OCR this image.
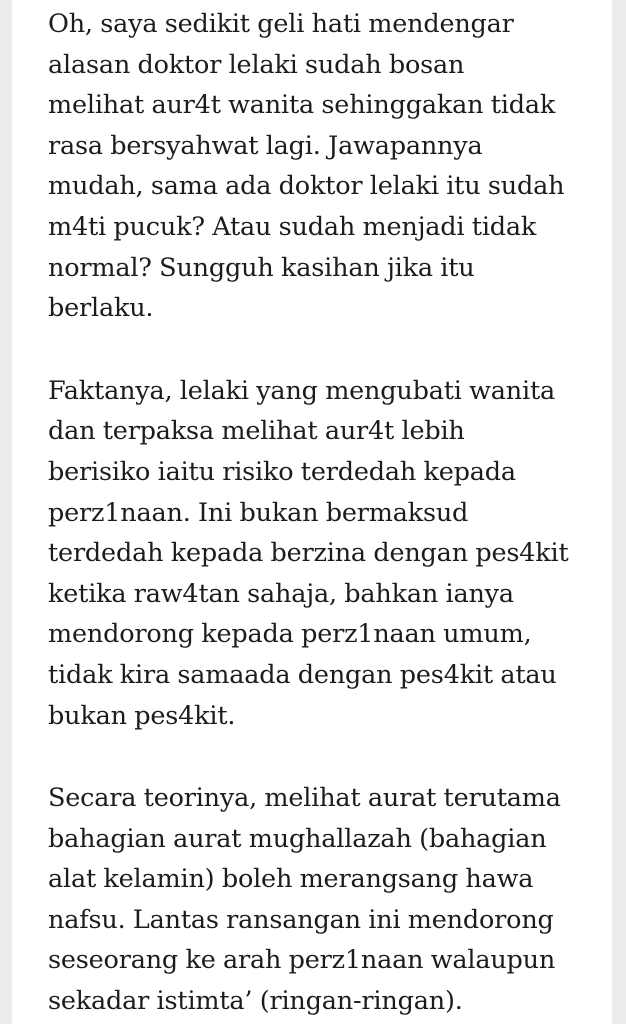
Oh, saya sedikit geli hati mendengar
alasan doktor lelaki sudah bosan
melihat aur4t wanita sehinggakan tidak
rasa bersyahwat lagi. Jawapannya
mudah, sama ada doktor lelaki itu sudah
m4ti pucuk? Atau sudah menjadi tidak
normal? Sungguh kasihan jika itu
berlaku.

Faktanya, lelaki yang mengubati wanita
dan terpaksa melihat aur4t lebih
berisiko iaitu risiko terdedah kepada
perz1naan. Ini bukan bermaksud
terdedah kepada berzina dengan pes4kit
ketika raw4tan sahaja, bahkan ianya
mendorong kepada perz1naan umum,
tidak kira samaada dengan pes4kit atau
bukan pes4kit.

Secara teorinya, melihat aurat terutama
bahagian aurat mughallazah (bahagian
alat kelamin) boleh merangsang hawa
nafsu. Lantas ransangan ini mendorong
seseorang ke arah perz1naan walaupun
sekadar istimta’ (ringan-ringan).
